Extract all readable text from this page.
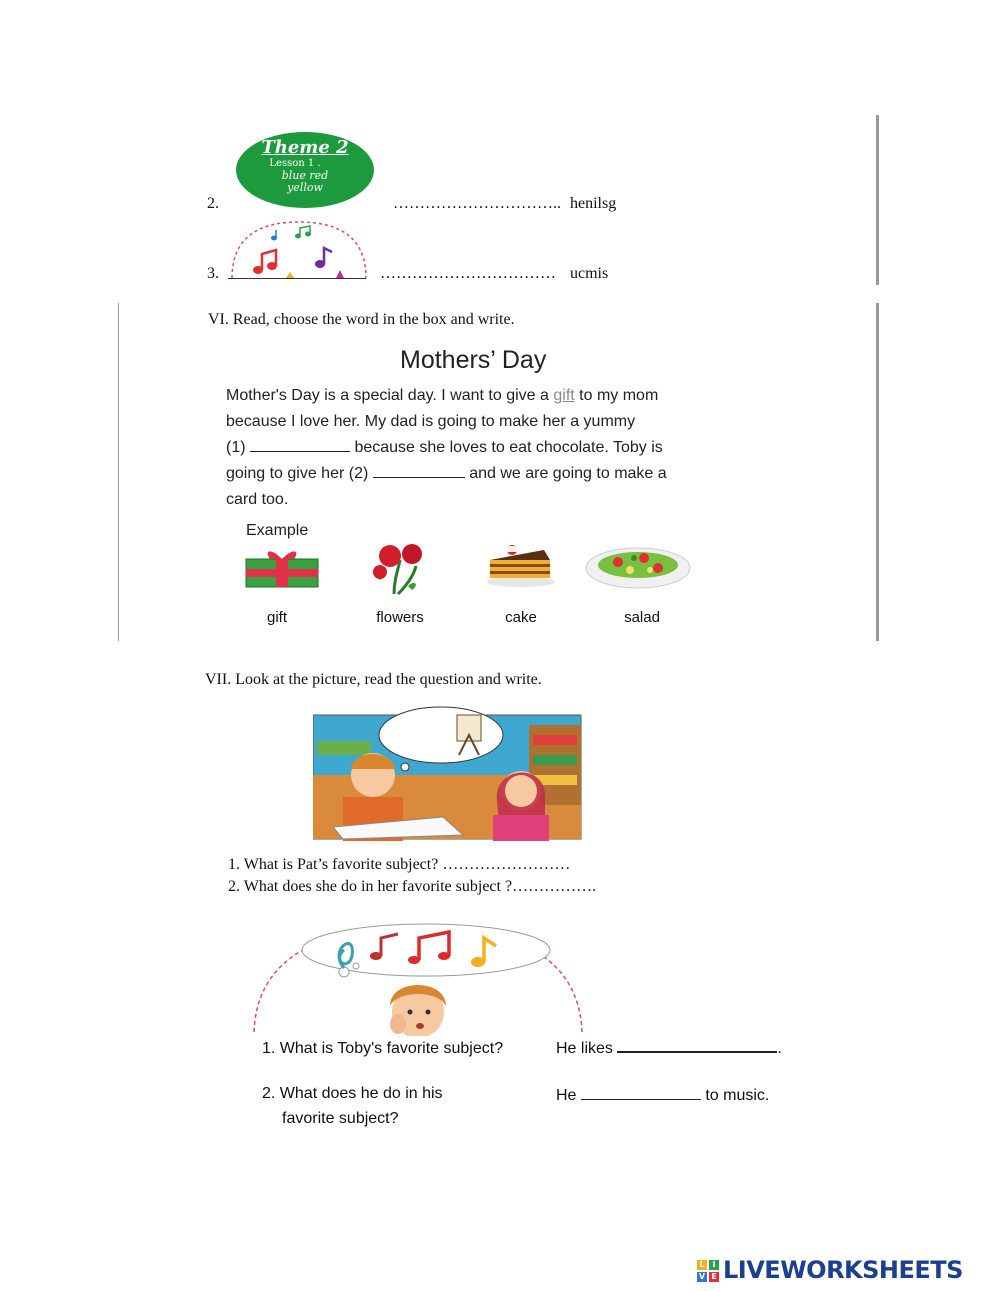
Theme 2
Lesson 1 .
blue red
yellow
2.	………………………….. henilsg
3.	…………………………… ucmis
VI. Read, choose the word in the box and write.
Mothers’ Day

Mother's Day is a special day. I want to give a gift to my mom

because I love her. My dad is going to make her a yummy

(1)	because she loves to eat chocolate. Toby is

going to give her (2)	and we are going to make a

card too.

Example
gift	flowers	cake	salad
VII. Look at the picture, read the question and write.
1. What is Pat’s favorite subject? ……………………
2. What does she do in her favorite subject ?…………….
1. What is Toby's favorite subject?	He likes	.
2. What does he do in his
favorite subject?
He	to music.
L I
V E LIVEWORKSHEETS
